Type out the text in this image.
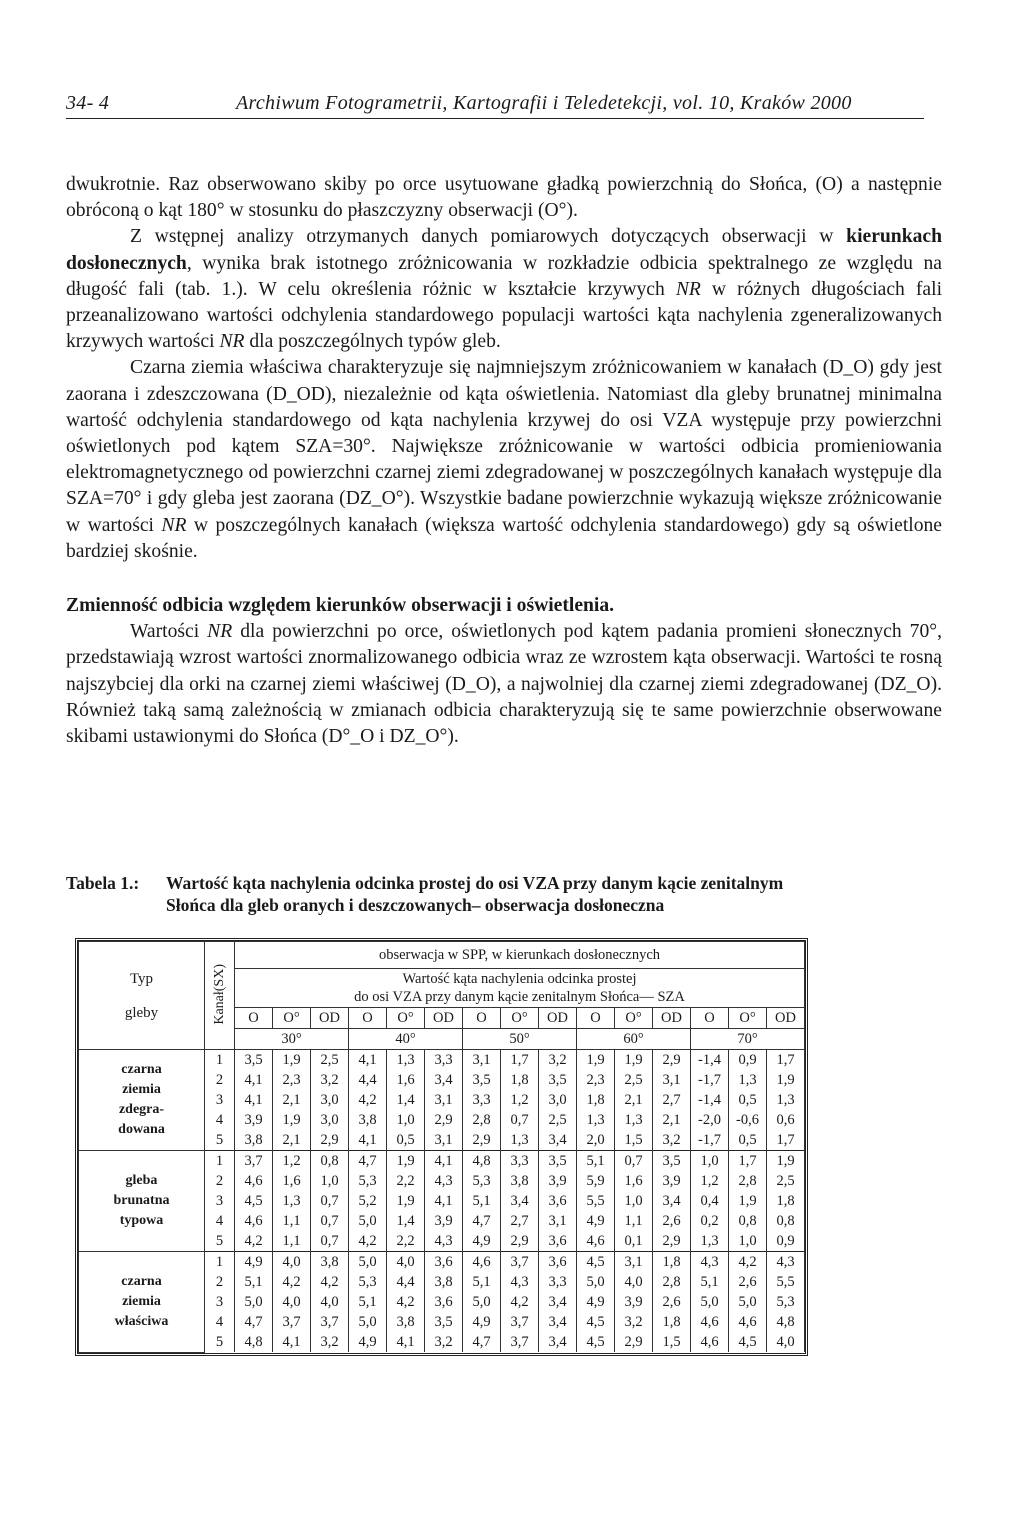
34- 4	Archiwum Fotogrametrii, Kartografii i Teledetekcji, vol. 10, Kraków 2000

dwukrotnie. Raz obserwowano skiby po orce usytuowane gładką powierzchnią do Słońca, (O) a następnie obróconą o kąt 180° w stosunku do płaszczyzny obserwacji (O°).

Z wstępnej analizy otrzymanych danych pomiarowych dotyczących obserwacji w kierunkach dosłonecznych, wynika brak istotnego zróżnicowania w rozkładzie odbicia spektralnego ze względu na długość fali (tab. 1.). W celu określenia różnic w kształcie krzywych NR w różnych długościach fali przeanalizowano wartości odchylenia standardowego populacji wartości kąta nachylenia zgeneralizowanych krzywych wartości NR dla poszczególnych typów gleb.

Czarna ziemia właściwa charakteryzuje się najmniejszym zróżnicowaniem w kanałach (D_O) gdy jest zaorana i zdeszczowana (D_OD), niezależnie od kąta oświetlenia. Natomiast dla gleby brunatnej minimalna wartość odchylenia standardowego od kąta nachylenia krzywej do osi VZA występuje przy powierzchni oświetlonych pod kątem SZA=30°. Największe zróżnicowanie w wartości odbicia promieniowania elektromagnetycznego od powierzchni czarnej ziemi zdegradowanej w poszczególnych kanałach występuje dla SZA=70° i gdy gleba jest zaorana (DZ_O°). Wszystkie badane powierzchnie wykazują większe zróżnicowanie w wartości NR w poszczególnych kanałach (większa wartość odchylenia standardowego) gdy są oświetlone bardziej skośnie.

Zmienność odbicia względem kierunków obserwacji i oświetlenia.

Wartości NR dla powierzchni po orce, oświetlonych pod kątem padania promieni słonecznych 70°, przedstawiają wzrost wartości znormalizowanego odbicia wraz ze wzrostem kąta obserwacji. Wartości te rosną najszybciej dla orki na czarnej ziemi właściwej (D_O), a najwolniej dla czarnej ziemi zdegradowanej (DZ_O). Również taką samą zależnością w zmianach odbicia charakteryzują się te same powierzchnie obserwowane skibami ustawionymi do Słońca (D°_O i DZ_O°).

Tabela 1.: Wartość kąta nachylenia odcinka prostej do osi VZA przy danym kącie zenitalnym
Słońca dla gleb oranych i deszczowanych– obserwacja dosłoneczna
Typ
gleby	Kanał(SX)	obserwacja w SPP, w kierunkach dosłonecznych														

		Wartość kąta nachylenia odcinka prostej
do osi VZA przy danym kącie zenitalnym Słońca— SZA														

		O	O°	OD	O	O°	OD	O	O°	OD	O	O°	OD	O	O°	OD
		30°			40°			50°			60°			70°		

czarna
ziemia
zdegra-
dowana	1	3,5	1,9	2,5	4,1	1,3	3,3	3,1	1,7	3,2	1,9	1,9	2,9	-1,4	0,9	1,7
	2	4,1	2,3	3,2	4,4	1,6	3,4	3,5	1,8	3,5	2,3	2,5	3,1	-1,7	1,3	1,9
	3	4,1	2,1	3,0	4,2	1,4	3,1	3,3	1,2	3,0	1,8	2,1	2,7	-1,4	0,5	1,3
	4	3,9	1,9	3,0	3,8	1,0	2,9	2,8	0,7	2,5	1,3	1,3	2,1	-2,0	-0,6	0,6
	5	3,8	2,1	2,9	4,1	0,5	3,1	2,9	1,3	3,4	2,0	1,5	3,2	-1,7	0,5	1,7

gleba
brunatna
typowa	1	3,7	1,2	0,8	4,7	1,9	4,1	4,8	3,3	3,5	5,1	0,7	3,5	1,0	1,7	1,9
	2	4,6	1,6	1,0	5,3	2,2	4,3	5,3	3,8	3,9	5,9	1,6	3,9	1,2	2,8	2,5
	3	4,5	1,3	0,7	5,2	1,9	4,1	5,1	3,4	3,6	5,5	1,0	3,4	0,4	1,9	1,8
	4	4,6	1,1	0,7	5,0	1,4	3,9	4,7	2,7	3,1	4,9	1,1	2,6	0,2	0,8	0,8
	5	4,2	1,1	0,7	4,2	2,2	4,3	4,9	2,9	3,6	4,6	0,1	2,9	1,3	1,0	0,9

czarna
ziemia
właściwa	1	4,9	4,0	3,8	5,0	4,0	3,6	4,6	3,7	3,6	4,5	3,1	1,8	4,3	4,2	4,3
	2	5,1	4,2	4,2	5,3	4,4	3,8	5,1	4,3	3,3	5,0	4,0	2,8	5,1	2,6	5,5
	3	5,0	4,0	4,0	5,1	4,2	3,6	5,0	4,2	3,4	4,9	3,9	2,6	5,0	5,0	5,3
	4	4,7	3,7	3,7	5,0	3,8	3,5	4,9	3,7	3,4	4,5	3,2	1,8	4,6	4,6	4,8
	5	4,8	4,1	3,2	4,9	4,1	3,2	4,7	3,7	3,4	4,5	2,9	1,5	4,6	4,5	4,0
